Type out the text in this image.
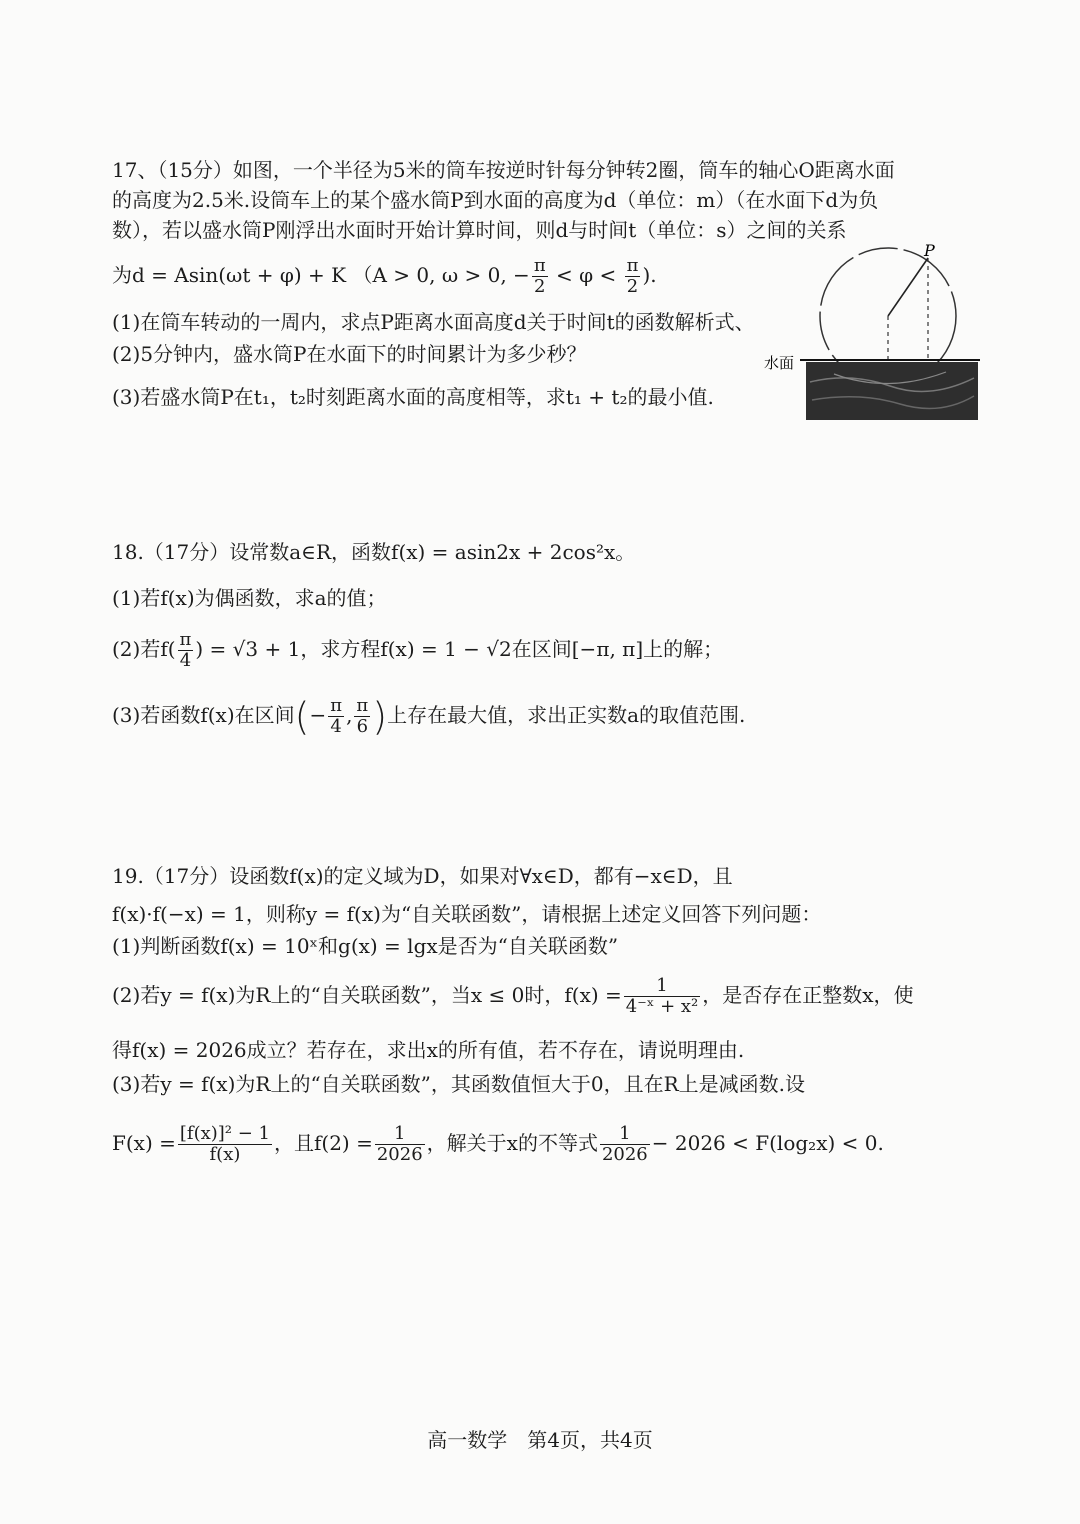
17、（15分）如图，一个半径为5米的筒车按逆时针每分钟转2圈，筒车的轴心O距离水面
的高度为2.5米.设筒车上的某个盛水筒P到水面的高度为d（单位：m）（在水面下d为负
数），若以盛水筒P刚浮出水面时开始计算时间，则d与时间t（单位：s）之间的关系
为d = Asin(ωt + φ) + K （A > 0, ω > 0, − $\frac{\pi}{2} < \varphi < \frac{\pi}{2}$ ).
(1)在筒车转动的一周内，求点P距离水面高度d关于时间t的函数解析式、
(2)5分钟内，盛水筒P在水面下的时间累计为多少秒？
(3)若盛水筒P在t₁，t₂时刻距离水面的高度相等，求t₁ + t₂的最小值.
P
水面
18.（17分）设常数a∈R，函数f(x) = asin2x + 2cos²x。
(1)若f(x)为偶函数，求a的值；
(2)若$f( \frac{\pi}{4}$ ) = √3 + 1，求方程f(x) = 1 − √2在区间[−π, π]上的解；
(3)若函数f(x)在区间(− $\frac{\pi}{4}$ , $\frac{\pi}{6}$ )上存在最大值，求出正实数a的取值范围.
19.（17分）设函数f(x)的定义域为D，如果对∀x∈D，都有−x∈D，且
f(x)·f(−x) = 1，则称y = f(x)为“自关联函数”，请根据上述定义回答下列问题：
(1)判断函数f(x) = 10ˣ和g(x) = lgx是否为“自关联函数”
(2)若y = f(x)为R上的“自关联函数”，当x ≤ 0时，$f(x) = \frac{1}{\text{4⁻ˣ + x²}}$ ，是否存在正整数x，使
得f(x) = 2026成立？若存在，求出x的所有值，若不存在，请说明理由.
(3)若y = f(x)为R上的“自关联函数”，其函数值恒大于0，且在R上是减函数.设
$F(x) = \frac{\text{[f(x)]² − 1}}{f(x)}$ ，且$f(2) = \frac{1}{2026}$ ，解关于x的不等式 $\frac{1}{2026} - 2026 < F(\log_2x) < 0$.
高一数学　第4页，共4页
